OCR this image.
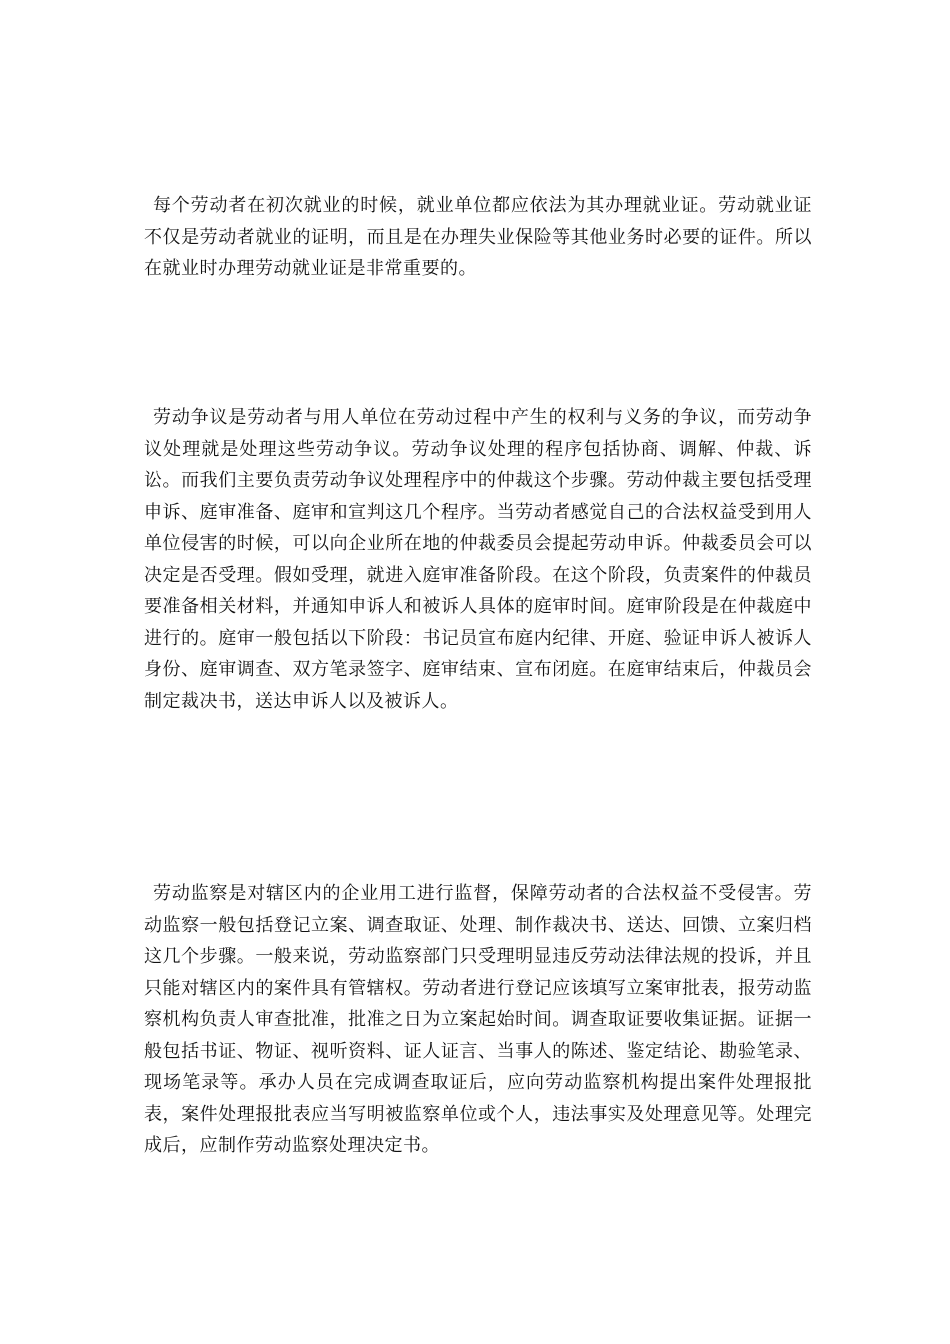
每个劳动者在初次就业的时候，就业单位都应依法为其办理就业证。劳动就业证不仅是劳动者就业的证明，而且是在办理失业保险等其他业务时必要的证件。所以在就业时办理劳动就业证是非常重要的。

劳动争议是劳动者与用人单位在劳动过程中产生的权利与义务的争议，而劳动争议处理就是处理这些劳动争议。劳动争议处理的程序包括协商、调解、仲裁、诉讼。而我们主要负责劳动争议处理程序中的仲裁这个步骤。劳动仲裁主要包括受理申诉、庭审准备、庭审和宣判这几个程序。当劳动者感觉自己的合法权益受到用人单位侵害的时候，可以向企业所在地的仲裁委员会提起劳动申诉。仲裁委员会可以决定是否受理。假如受理，就进入庭审准备阶段。在这个阶段，负责案件的仲裁员要准备相关材料，并通知申诉人和被诉人具体的庭审时间。庭审阶段是在仲裁庭中进行的。庭审一般包括以下阶段：书记员宣布庭内纪律、开庭、验证申诉人被诉人身份、庭审调查、双方笔录签字、庭审结束、宣布闭庭。在庭审结束后，仲裁员会制定裁决书，送达申诉人以及被诉人。

劳动监察是对辖区内的企业用工进行监督，保障劳动者的合法权益不受侵害。劳动监察一般包括登记立案、调查取证、处理、制作裁决书、送达、回馈、立案归档这几个步骤。一般来说，劳动监察部门只受理明显违反劳动法律法规的投诉，并且只能对辖区内的案件具有管辖权。劳动者进行登记应该填写立案审批表，报劳动监察机构负责人审查批准，批准之日为立案起始时间。调查取证要收集证据。证据一般包括书证、物证、视听资料、证人证言、当事人的陈述、鉴定结论、勘验笔录、现场笔录等。承办人员在完成调查取证后，应向劳动监察机构提出案件处理报批表，案件处理报批表应当写明被监察单位或个人，违法事实及处理意见等。处理完成后，应制作劳动监察处理决定书。
